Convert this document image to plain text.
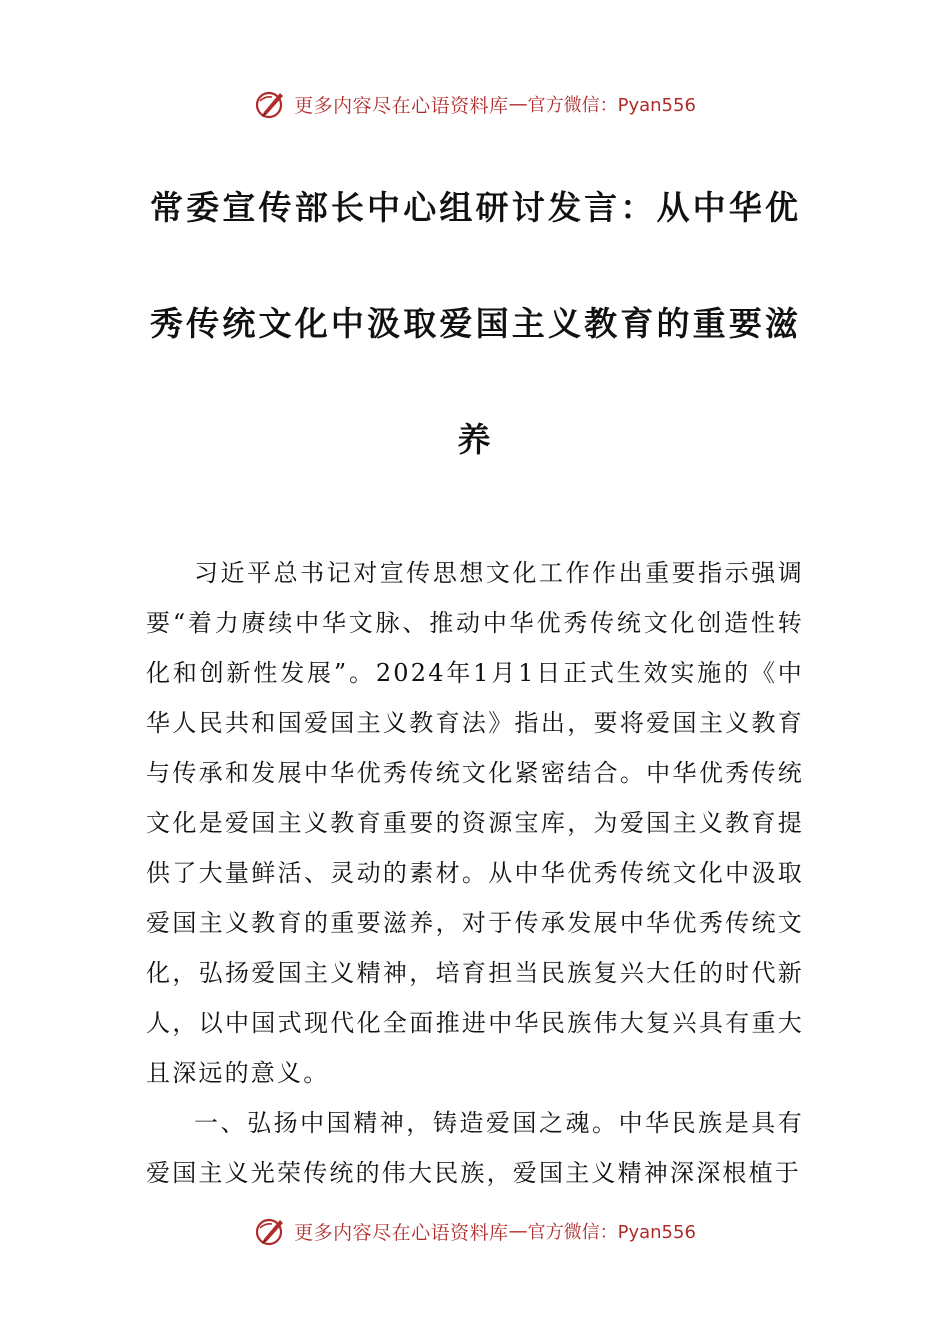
更多内容尽在心语资料库 — 官方微信：Pyan556
常委宣传部长中心组研讨发言：从中华优秀传统文化中汲取爱国主义教育的重要滋养

习近平总书记对宣传思想文化工作作出重要指示强调要“着力赓续中华文脉、推动中华优秀传统文化创造性转化和创新性发展”。2024年1月1日正式生效实施的《中华人民共和国爱国主义教育法》指出，要将爱国主义教育与传承和发展中华优秀传统文化紧密结合。中华优秀传统文化是爱国主义教育重要的资源宝库，为爱国主义教育提供了大量鲜活、灵动的素材。从中华优秀传统文化中汲取爱国主义教育的重要滋养，对于传承发展中华优秀传统文化，弘扬爱国主义精神，培育担当民族复兴大任的时代新人，以中国式现代化全面推进中华民族伟大复兴具有重大且深远的意义。

一、弘扬中国精神，铸造爱国之魂。中华民族是具有爱国主义光荣传统的伟大民族，爱国主义精神深深根植于

更多内容尽在心语资料库 — 官方微信：Pyan556
